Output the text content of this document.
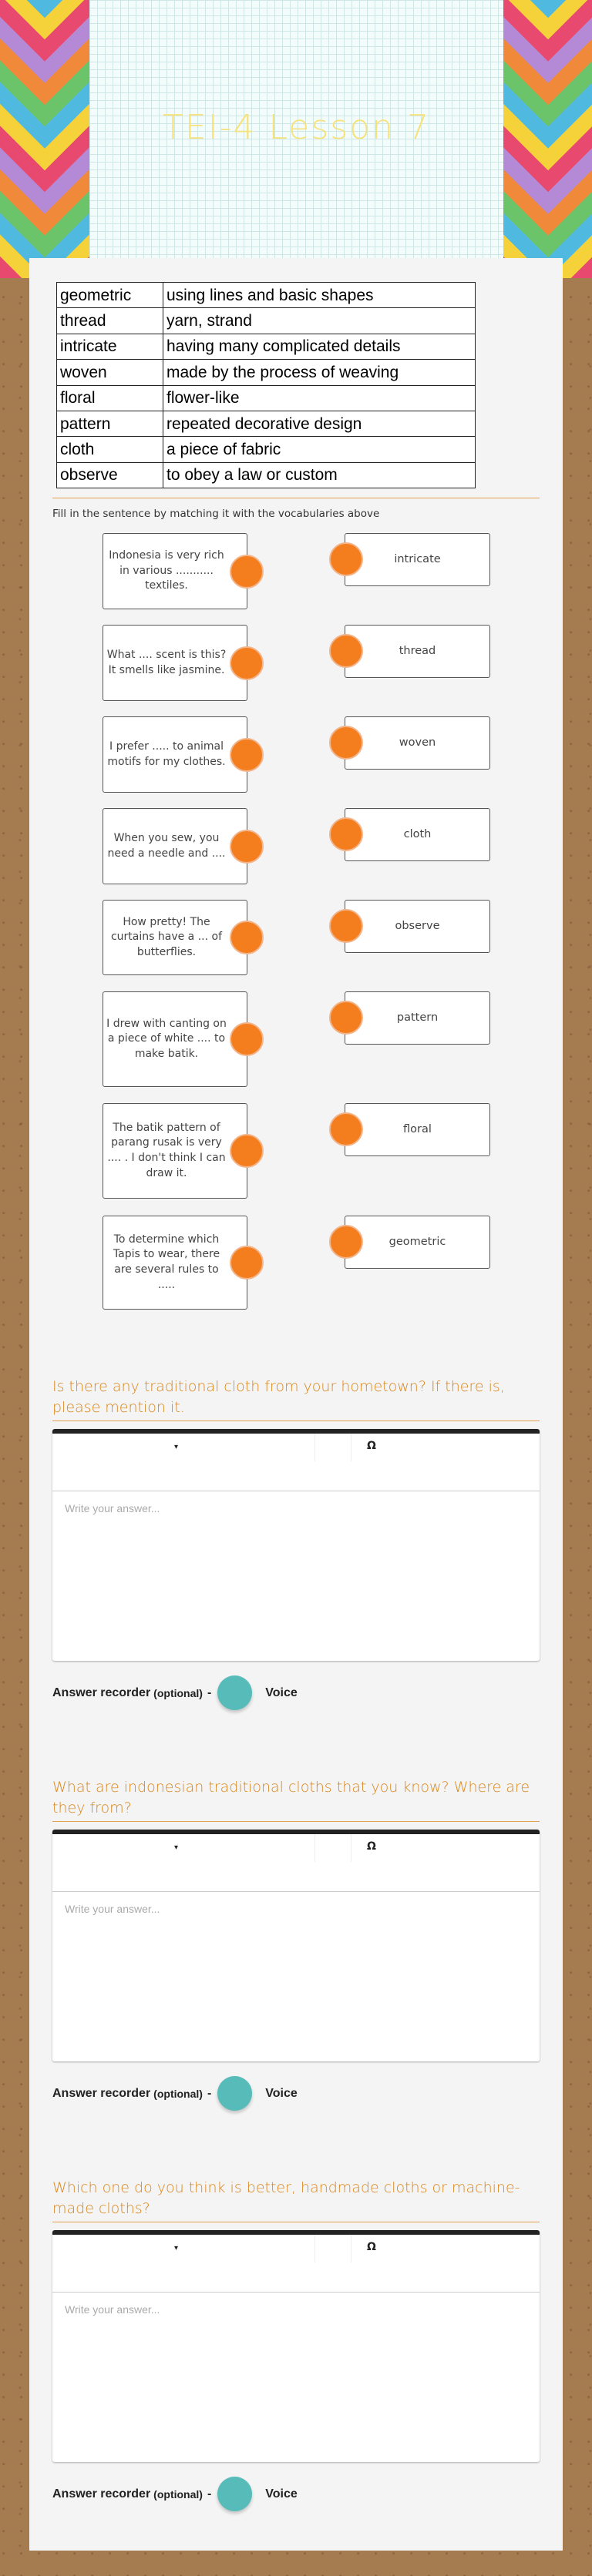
TEI-4 Lesson 7
geometric	using lines and basic shapes
thread	yarn, strand
intricate	having many complicated details
woven	made by the process of weaving
floral	flower-like
pattern	repeated decorative design
cloth	a piece of fabric
observe	to obey a law or custom
Fill in the sentence by matching it with the vocabularies above
Indonesia is very rich in various ........... textiles.
intricate
What .... scent is this? It smells like jasmine.
thread
I prefer ..... to animal motifs for my clothes.
woven
When you sew, you need a needle and ....
cloth
How pretty! The curtains have a ... of butterflies.
observe
I drew with canting on a piece of white .... to make batik.
pattern
The batik pattern of parang rusak is very .... . I don't think I can draw it.
floral
To determine which Tapis to wear, there are several rules to .....
geometric
Is there any traditional cloth from your hometown? If there is, please mention it.
▾	Ω
Write your answer...
Answer recorder (optional) -	Voice
What are indonesian traditional cloths that you know? Where are they from?
▾	Ω
Write your answer...
Answer recorder (optional) -	Voice
Which one do you think is better, handmade cloths or machine-made cloths?
▾	Ω
Write your answer...
Answer recorder (optional) -	Voice
